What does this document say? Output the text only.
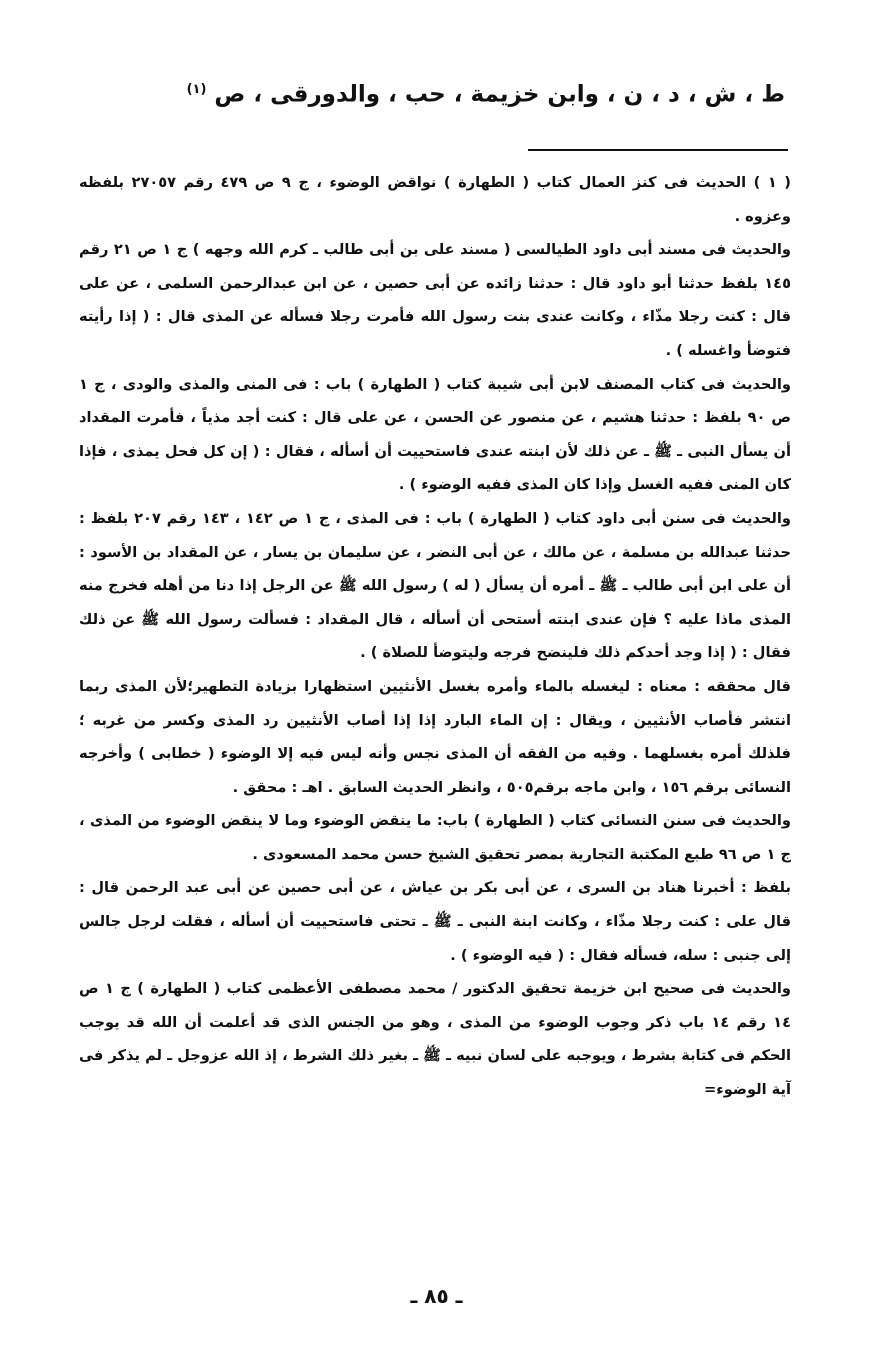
ط ، ش ، د ، ن ، وابن خزيمة ، حب ، والدورقى ، ص $^{(١)}$

( ١ ) الحديث فى كنز العمال كتاب ( الطهارة ) نواقض الوضوء ، ج ٩ ص ٤٧٩ رقم ٢٧٠٥٧ بلفظه وعزوه .

والحديث فى مسند أبى داود الطيالسى ( مسند على بن أبى طالب ـ كرم الله وجهه ) ج ١ ص ٢١ رقم ١٤٥ بلفظ حدثنا أبو داود قال : حدثنا زائده عن أبى حصين ، عن ابن عبدالرحمن السلمى ، عن على قال : كنت رجلا مذّاء ، وكانت عندى بنت رسول الله فأمرت رجلا فسأله عن المذى قال : ( إذا رأيته فتوضأ واغسله ) .

والحديث فى كتاب المصنف لابن أبى شيبة كتاب ( الطهارة ) باب : فى المنى والمذى والودى ، ج ١ ص ٩٠ بلفظ : حدثنا هشيم ، عن منصور عن الحسن ، عن على قال : كنت أجد مذياً ، فأمرت المقداد أن يسأل النبى ـ ﷺ ـ عن ذلك لأن ابنته عندى فاستحييت أن أسأله ، فقال : ( إن كل فحل يمذى ، فإذا كان المنى ففيه الغسل وإذا كان المذى ففيه الوضوء ) .

والحديث فى سنن أبى داود كتاب ( الطهارة ) باب : فى المذى ، ج ١ ص ١٤٢ ، ١٤٣ رقم ٢٠٧ بلفظ : حدثنا عبدالله بن مسلمة ، عن مالك ، عن أبى النضر ، عن سليمان بن يسار ، عن المقداد بن الأسود : أن على ابن أبى طالب ـ ﷺ ـ أمره أن يسأل ( له ) رسول الله ﷺ عن الرجل إذا دنا من أهله فخرج منه المذى ماذا عليه ؟ فإن عندى ابنته أستحى أن أسأله ، قال المقداد : فسألت رسول الله ﷺ عن ذلك فقال : ( إذا وجد أحدكم ذلك فلينضح فرجه وليتوضأ للصلاة ) .

قال محققه : معناه : ليغسله بالماء وأمره بغسل الأنثيين استظهارا بزيادة التطهير؛لأن المذى ربما انتشر فأصاب الأنثيين ، ويقال : إن الماء البارد إذا إذا أصاب الأنثيين رد المذى وكسر من غربه ؛ فلذلك أمره بغسلهما . وفيه من الفقه أن المذى نجس وأنه ليس فيه إلا الوضوء ( خطابى ) وأخرجه النسائى برقم ١٥٦ ، وابن ماجه برقم٥٠٥ ، وانظر الحديث السابق . اهـ : محقق .

والحديث فى سنن النسائى كتاب ( الطهارة ) باب: ما ينقض الوضوء وما لا ينقض الوضوء من المذى ، ج ١ ص ٩٦ طبع المكتبة التجارية بمصر تحقيق الشيخ حسن محمد المسعودى .

بلفظ : أخبرنا هناد بن السرى ، عن أبى بكر بن عياش ، عن أبى حصين عن أبى عبد الرحمن قال : قال على : كنت رجلا مذّاء ، وكانت ابنة النبى ـ ﷺ ـ تحتى فاستحييت أن أسأله ، فقلت لرجل جالس إلى جنبى : سله، فسأله فقال : ( فيه الوضوء ) .

والحديث فى صحيح ابن خزيمة تحقيق الدكتور / محمد مصطفى الأعظمى كتاب ( الطهارة ) ج ١ ص ١٤ رقم ١٤ باب ذكر وجوب الوضوء من المذى ، وهو من الجنس الذى قد أعلمت أن الله قد يوجب الحكم فى كتابة بشرط ، ويوجبه على لسان نبيه ـ ﷺ ـ بغير ذلك الشرط ، إذ الله عزوجل ـ لم يذكر فى آية الوضوء=

ـ ٨٥ ـ
